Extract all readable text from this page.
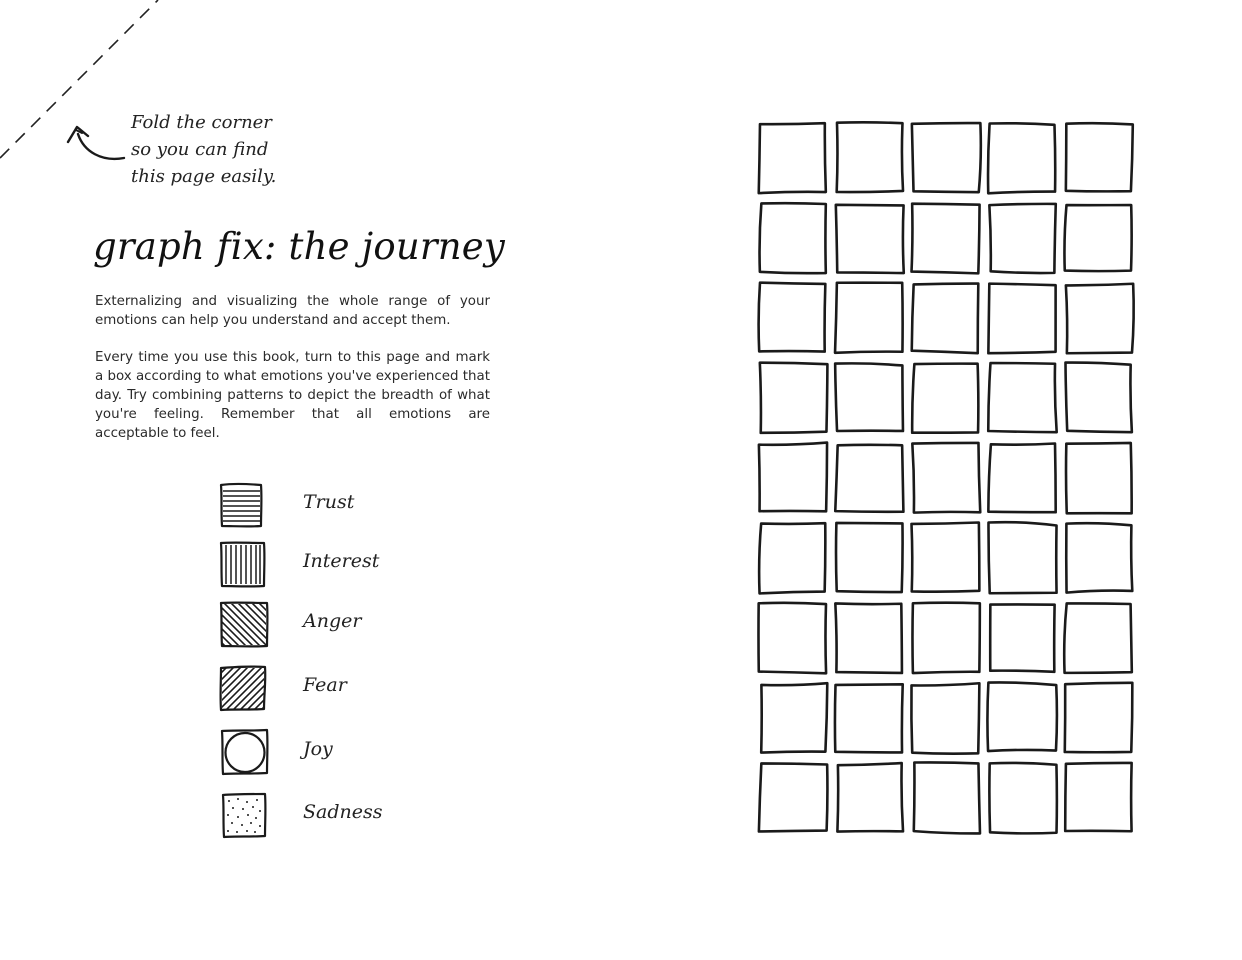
Fold the corner
so you can find
this page easily.
graph fix: the journey

Externalizing and visualizing the whole range of your emotions can help you understand and accept them.

Every time you use this book, turn to this page and mark a box according to what emotions you've experienced that day. Try combining patterns to depict the breadth of what you're feeling. Remember that all emotions are acceptable to feel.

Trust
Interest
Anger
Fear
Joy
Sadness
